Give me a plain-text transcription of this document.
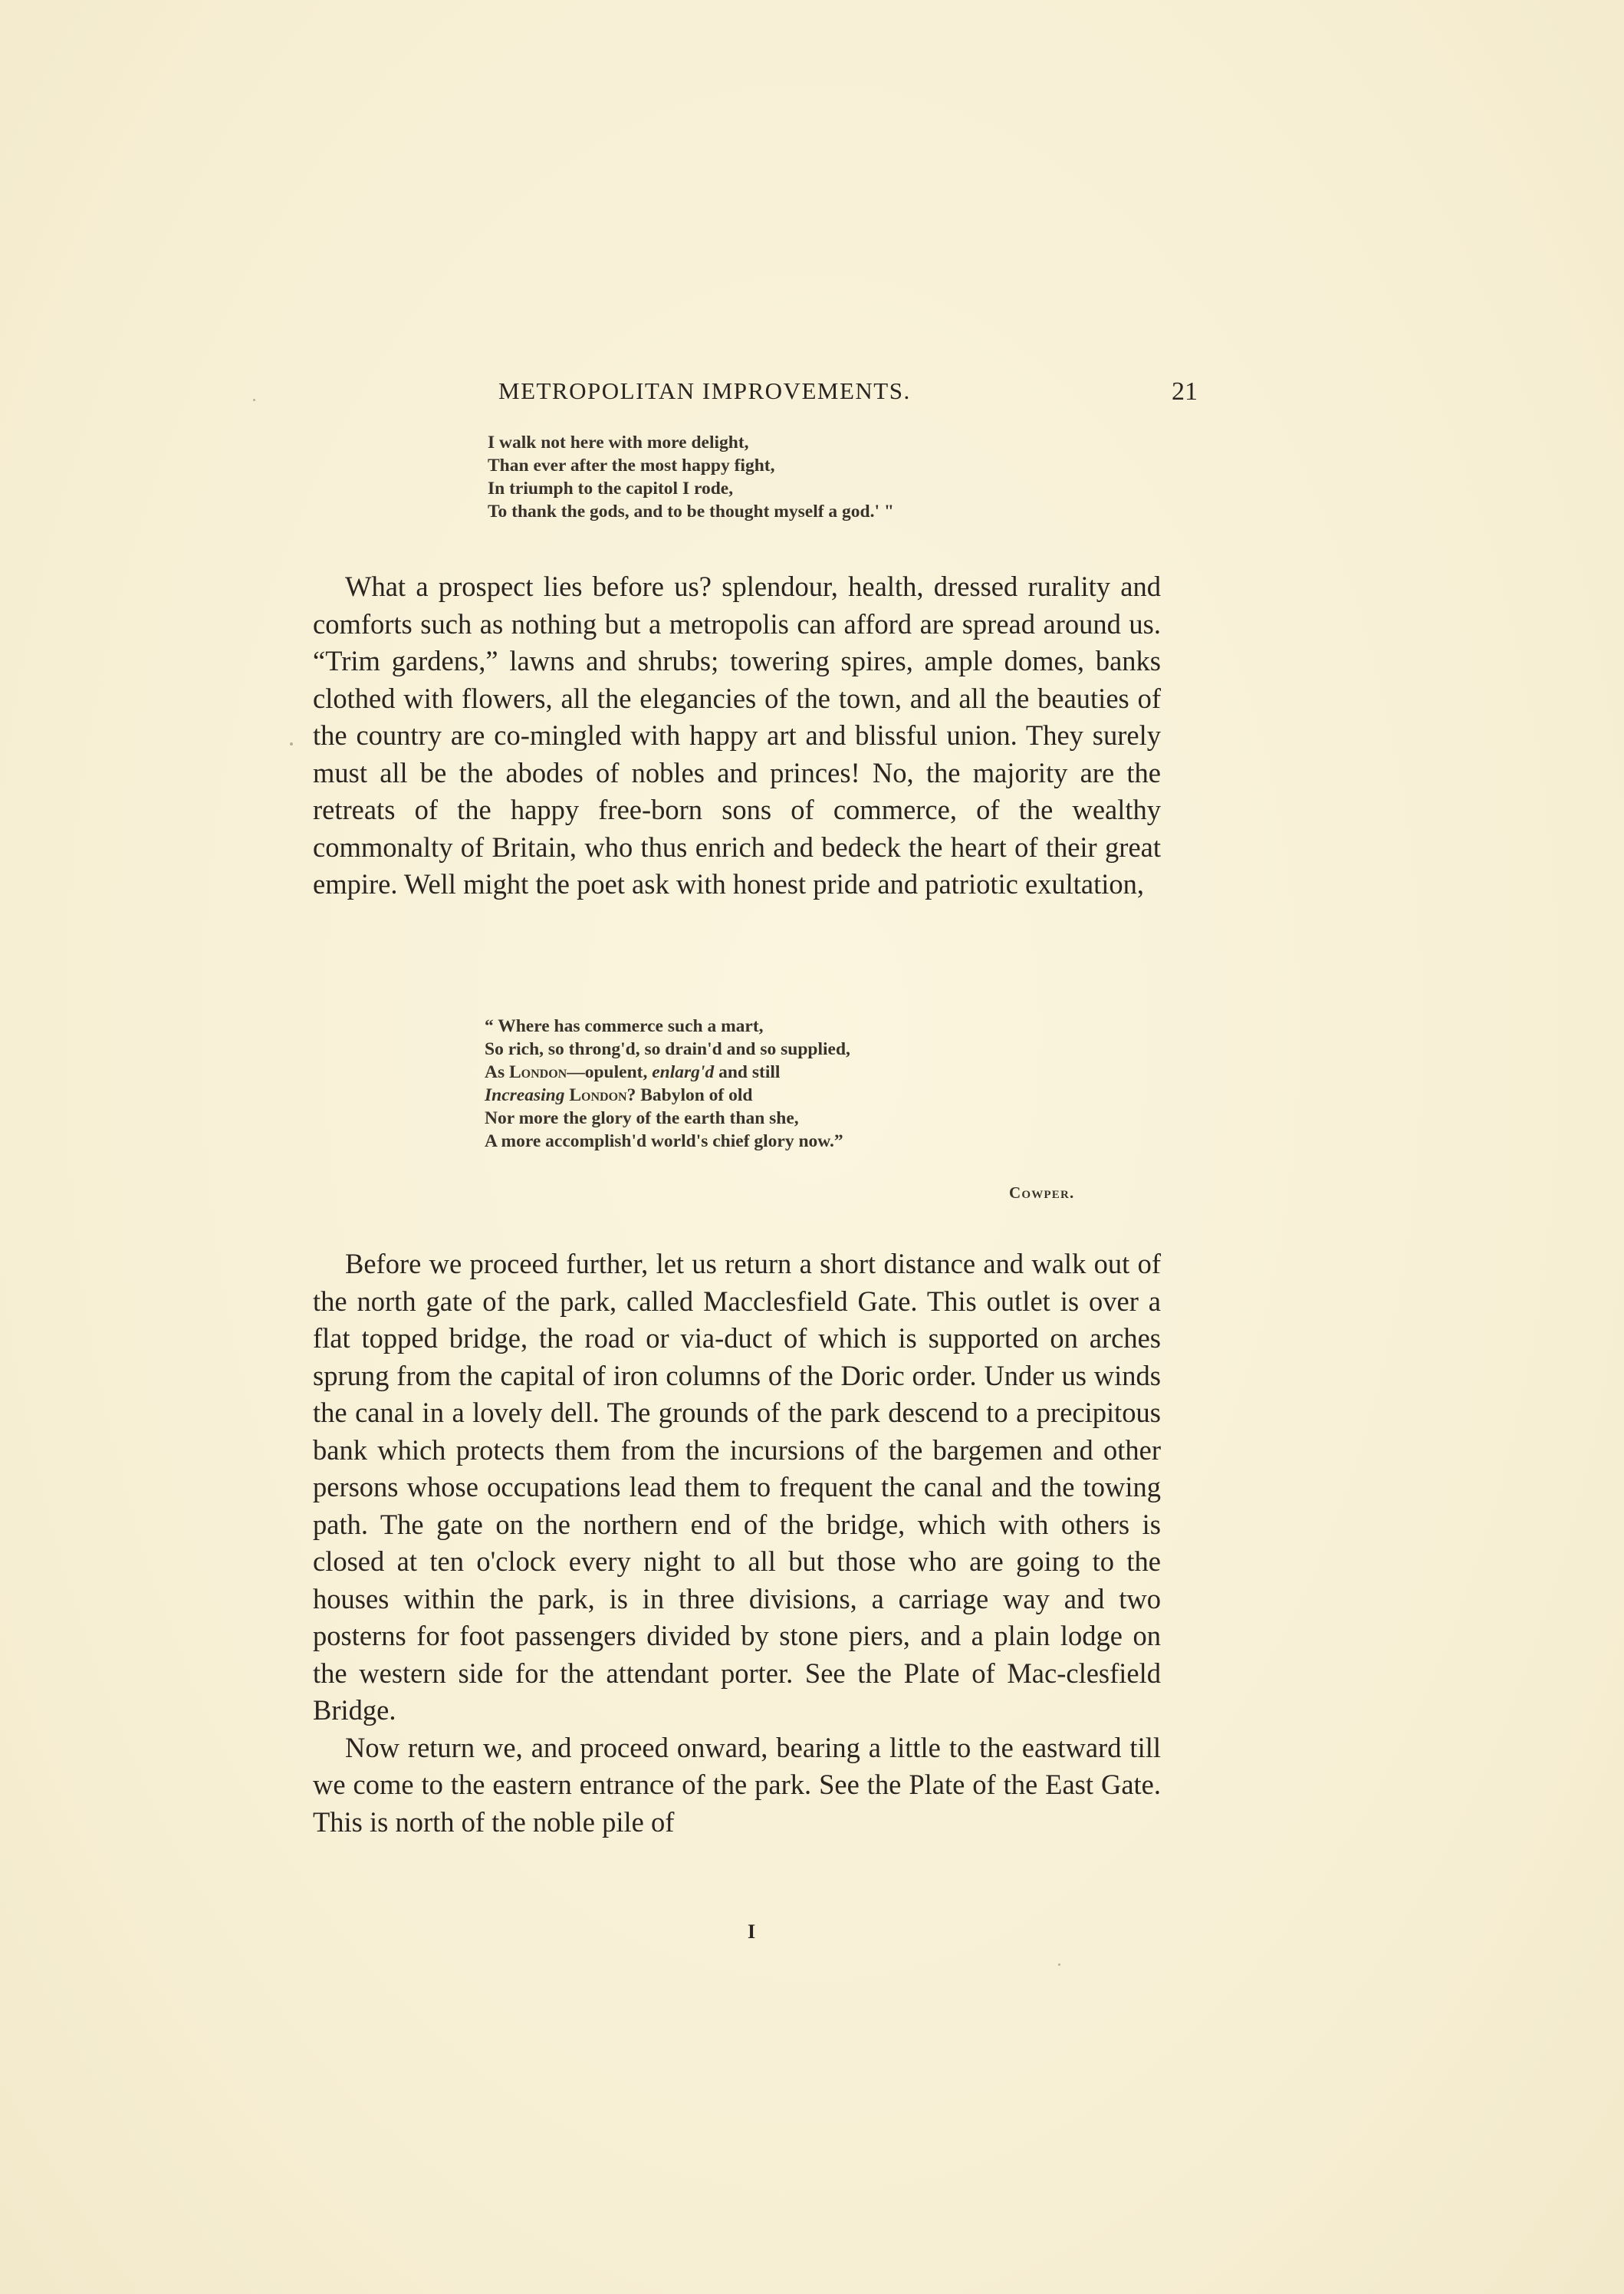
METROPOLITAN IMPROVEMENTS.	21
I walk not here with more delight,
Than ever after the most happy fight,
In triumph to the capitol I rode,
To thank the gods, and to be thought myself a god.' "

What a prospect lies before us? splendour, health, dressed rurality and comforts such as nothing but a metropolis can afford are spread around us. “Trim gardens,” lawns and shrubs; towering spires, ample domes, banks clothed with flowers, all the elegancies of the town, and all the beauties of the country are co-mingled with happy art and blissful union. They surely must all be the abodes of nobles and princes! No, the majority are the retreats of the happy free-born sons of commerce, of the wealthy commonalty of Britain, who thus enrich and bedeck the heart of their great empire. Well might the poet ask with honest pride and patriotic exultation,

“ Where has commerce such a mart,
So rich, so throng'd, so drain'd and so supplied,
As London—opulent, enlarg'd and still
Increasing London? Babylon of old
Nor more the glory of the earth than she,
A more accomplish'd world's chief glory now.”
Cowper.

Before we proceed further, let us return a short distance and walk out of the north gate of the park, called Macclesfield Gate. This outlet is over a flat topped bridge, the road or via-duct of which is supported on arches sprung from the capital of iron columns of the Doric order. Under us winds the canal in a lovely dell. The grounds of the park descend to a precipitous bank which protects them from the incursions of the bargemen and other persons whose occupations lead them to frequent the canal and the towing path. The gate on the northern end of the bridge, which with others is closed at ten o'clock every night to all but those who are going to the houses within the park, is in three divisions, a carriage way and two posterns for foot passengers divided by stone piers, and a plain lodge on the western side for the attendant porter. See the Plate of Mac-clesfield Bridge.

Now return we, and proceed onward, bearing a little to the eastward till we come to the eastern entrance of the park. See the Plate of the East Gate. This is north of the noble pile of

I
